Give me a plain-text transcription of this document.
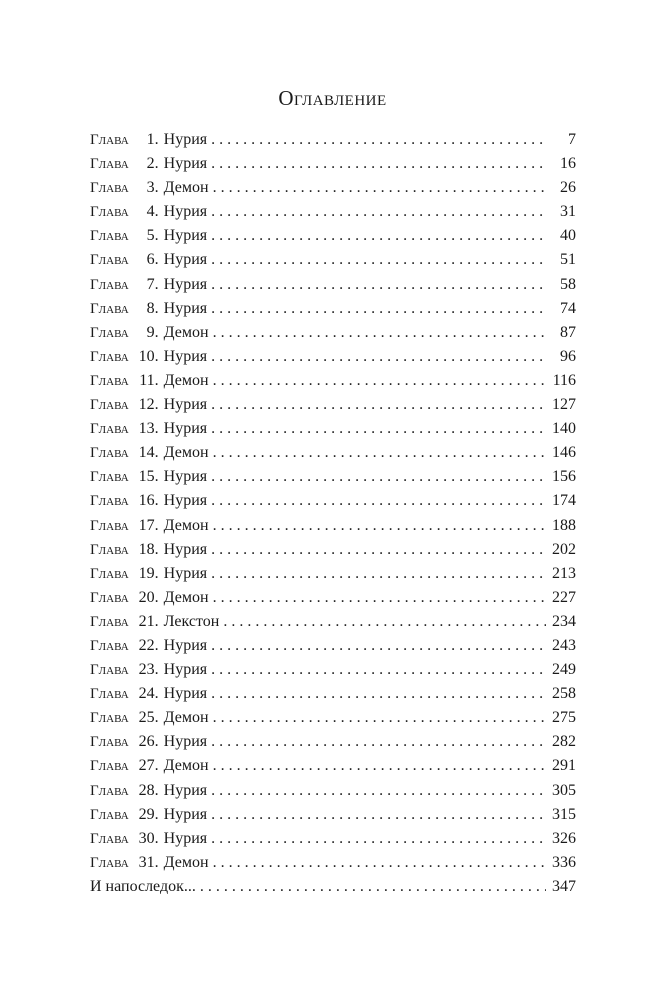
Оглавление
Глава	1 . Нурия . . .	7
Глава	2 . Нурия . . .	16
Глава	3 . Демон . . .	26
Глава	4 . Нурия . . .	31
Глава	5 . Нурия . . .	40
Глава	6 . Нурия . . .	51
Глава	7 . Нурия . . .	58
Глава	8 . Нурия . . .	74
Глава	9 . Демон . . .	87
Глава 10 . Нурия . . .	96
Глава 11 . Демон . . .	116
Глава 12 . Нурия . . .	127
Глава 13 . Нурия . . .	140
Глава 14 . Демон . . .	146
Глава 15 . Нурия . . .	156
Глава 16 . Нурия . . .	174
Глава 17 . Демон . . .	188
Глава 18 . Нурия . . .	202
Глава 19 . Нурия . . .	213
Глава 20 . Демон . . .	227
Глава 21 . Лекстон . . .	234
Глава 22 . Нурия . . .	243
Глава 23 . Нурия . . .	249
Глава 24 . Нурия . . .	258
Глава 25 . Демон . . .	275
Глава 26 . Нурия . . .	282
Глава 27 . Демон . . .	291
Глава 28 . Нурия . . .	305
Глава 29 . Нурия . . .	315
Глава 30 . Нурия . . .	326
Глава 31 . Демон . . .	336
И напоследок... . . .	347
